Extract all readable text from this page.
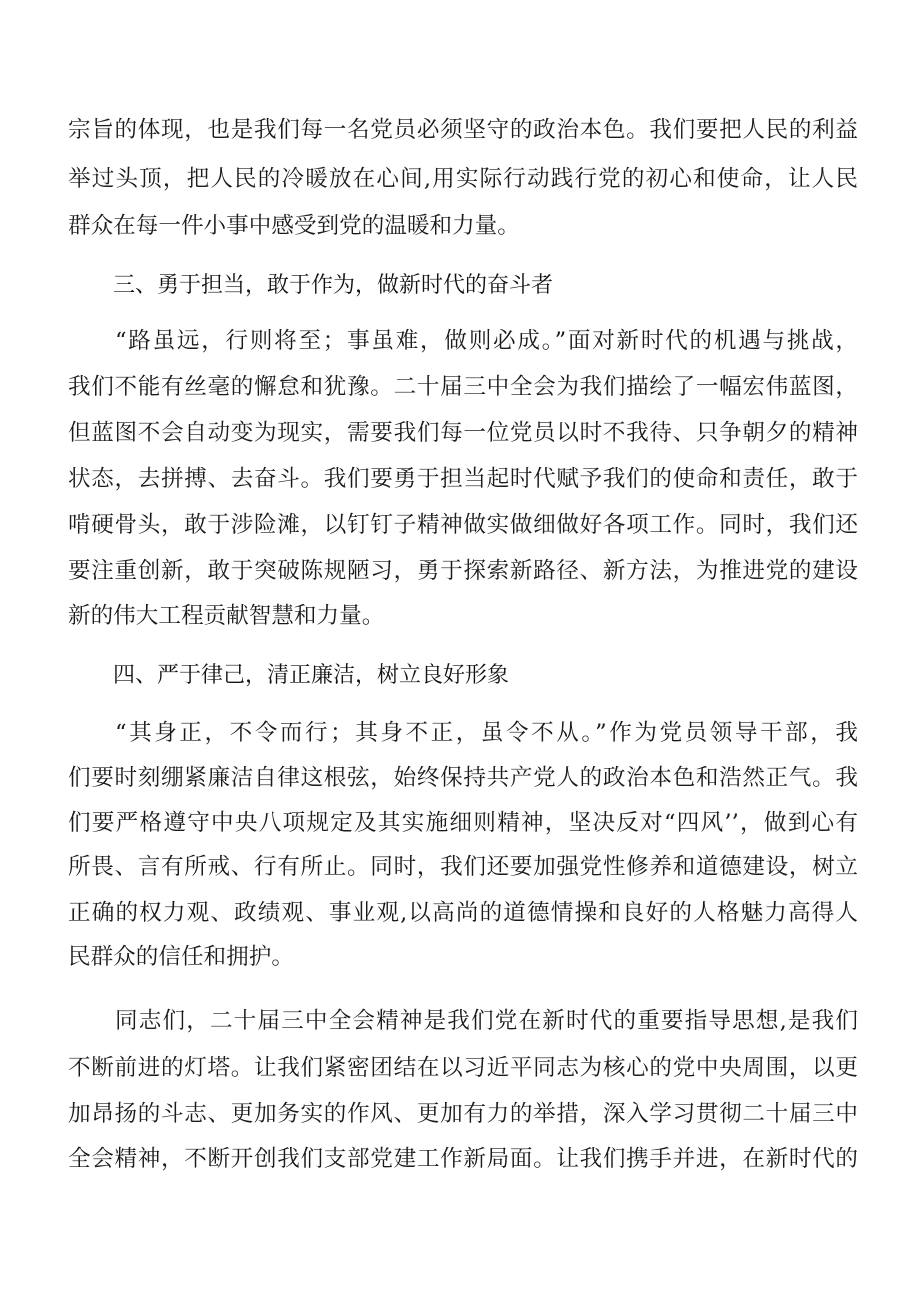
宗旨的体现，也是我们每一名党员必须坚守的政治本色。我们要把人民的利益
举过头顶，把人民的冷暖放在心间,用实际行动践行党的初心和使命，让人民
群众在每一件小事中感受到党的温暖和力量。
三、勇于担当，敢于作为，做新时代的奋斗者
“路虽远，行则将至；事虽难，做则必成。”面对新时代的机遇与挑战，
我们不能有丝毫的懈怠和犹豫。二十届三中全会为我们描绘了一幅宏伟蓝图，
但蓝图不会自动变为现实，需要我们每一位党员以时不我待、只争朝夕的精神
状态，去拼搏、去奋斗。我们要勇于担当起时代赋予我们的使命和责任，敢于
啃硬骨头，敢于涉险滩，以钉钉子精神做实做细做好各项工作。同时，我们还
要注重创新，敢于突破陈规陋习，勇于探索新路径、新方法，为推进党的建设
新的伟大工程贡献智慧和力量。
四、严于律己，清正廉洁，树立良好形象
“其身正，不令而行；其身不正，虽令不从。”作为党员领导干部，我
们要时刻绷紧廉洁自律这根弦，始终保持共产党人的政治本色和浩然正气。我
们要严格遵守中央八项规定及其实施细则精神，坚决反对“四风’’，做到心有
所畏、言有所戒、行有所止。同时，我们还要加强党性修养和道德建设，树立
正确的权力观、政绩观、事业观,以高尚的道德情操和良好的人格魅力高得人
民群众的信任和拥护。
同志们，二十届三中全会精神是我们党在新时代的重要指导思想,是我们
不断前进的灯塔。让我们紧密团结在以习近平同志为核心的党中央周围，以更
加昂扬的斗志、更加务实的作风、更加有力的举措，深入学习贯彻二十届三中
全会精神，不断开创我们支部党建工作新局面。让我们携手并进，在新时代的
